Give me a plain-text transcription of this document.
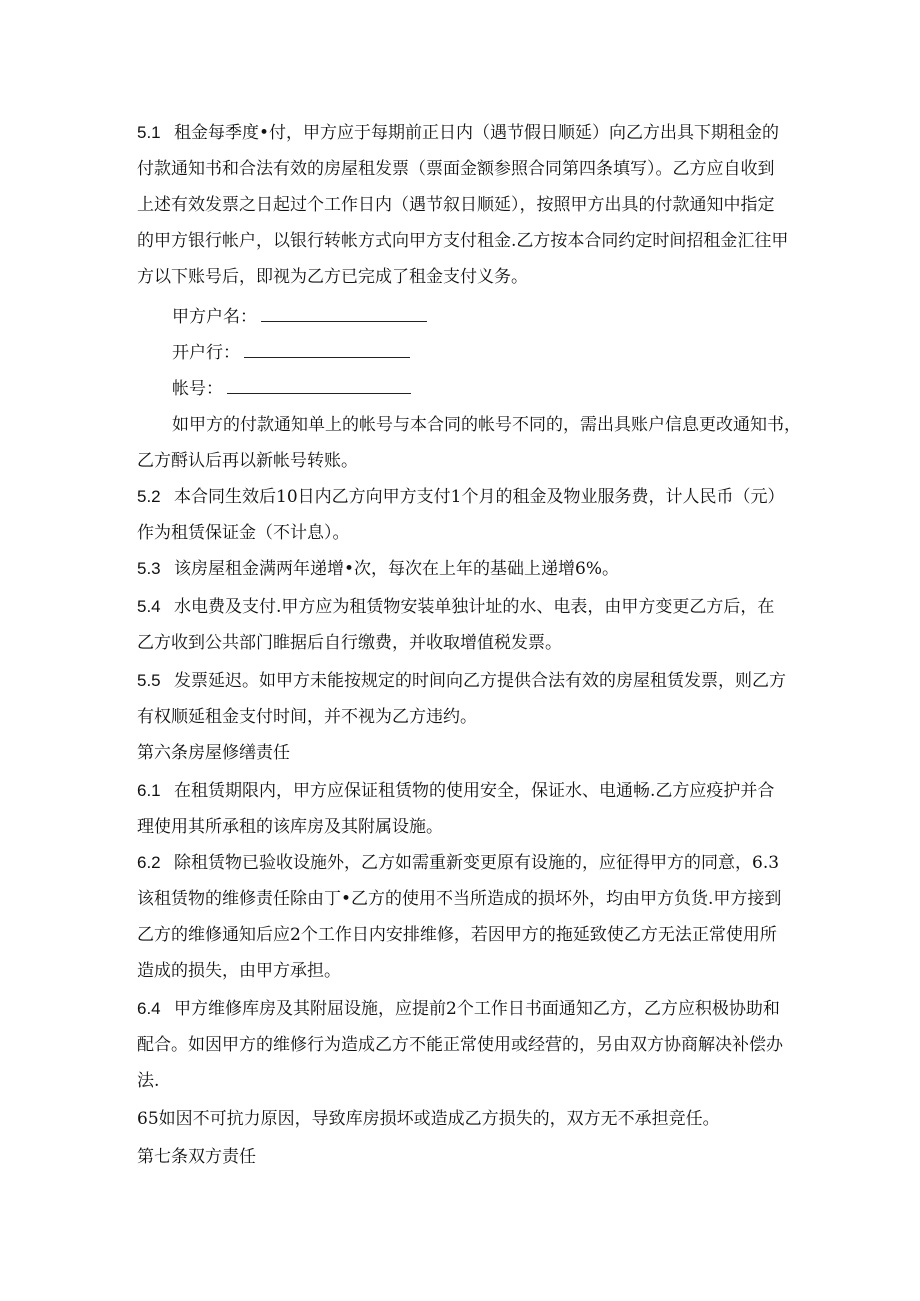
5.1 租金每季度•付，甲方应于每期前正日内（遇节假日顺延）向乙方出具下期租金的
付款通知书和合法有效的房屋租发票（票面金额参照合同第四条填写）。乙方应自收到
上述有效发票之日起过个工作日内（遇节叙日顺延），按照甲方出具的付款通知中指定
的甲方银行帐户，以银行转帐方式向甲方支付租金.乙方按本合同约定时间招租金汇往甲
方以下账号后，即视为乙方已完成了租金支付义务。
甲方户名：
开户行：
帐号：
如甲方的付款通知单上的帐号与本合同的帐号不同的，需出具账户信息更改通知书，
乙方酹认后再以新帐号转账。
5.2 本合同生效后10日内乙方向甲方支付1个月的租金及物业服务费，计人民币（元）
作为租赁保证金（不计息）。
5.3 该房屋租金满两年递增•次，每次在上年的基础上递增6%。
5.4 水电费及支付.甲方应为租赁物安装单独计址的水、电表，由甲方变更乙方后，在
乙方收到公共部门睢据后自行缴费，并收取增值税发票。
5.5 发票延迟。如甲方未能按规定的时间向乙方提供合法有效的房屋租赁发票，则乙方
有权顺延租金支付时间，并不视为乙方违约。
第六条房屋修缮责任
6.1 在租赁期限内，甲方应保证租赁物的使用安全，保证水、电通畅.乙方应疫护并合
理使用其所承租的该库房及其附属设施。
6.2 除租赁物已验收设施外，乙方如需重新变更原有设施的，应征得甲方的同意，6.3
该租赁物的维修责任除由丁•乙方的使用不当所造成的损坏外，均由甲方负货.甲方接到
乙方的维修通知后应2个工作日内安排维修，若因甲方的拖延致使乙方无法正常使用所
造成的损失，由甲方承担。
6.4 甲方维修库房及其附屈设施，应提前2个工作日书面通知乙方，乙方应积极协助和
配合。如因甲方的维修行为造成乙方不能正常使用或经营的，另由双方协商解决补偿办
法.
65如因不可抗力原因，导致库房损坏或造成乙方损失的，双方无不承担竞任。
第七条双方责任
